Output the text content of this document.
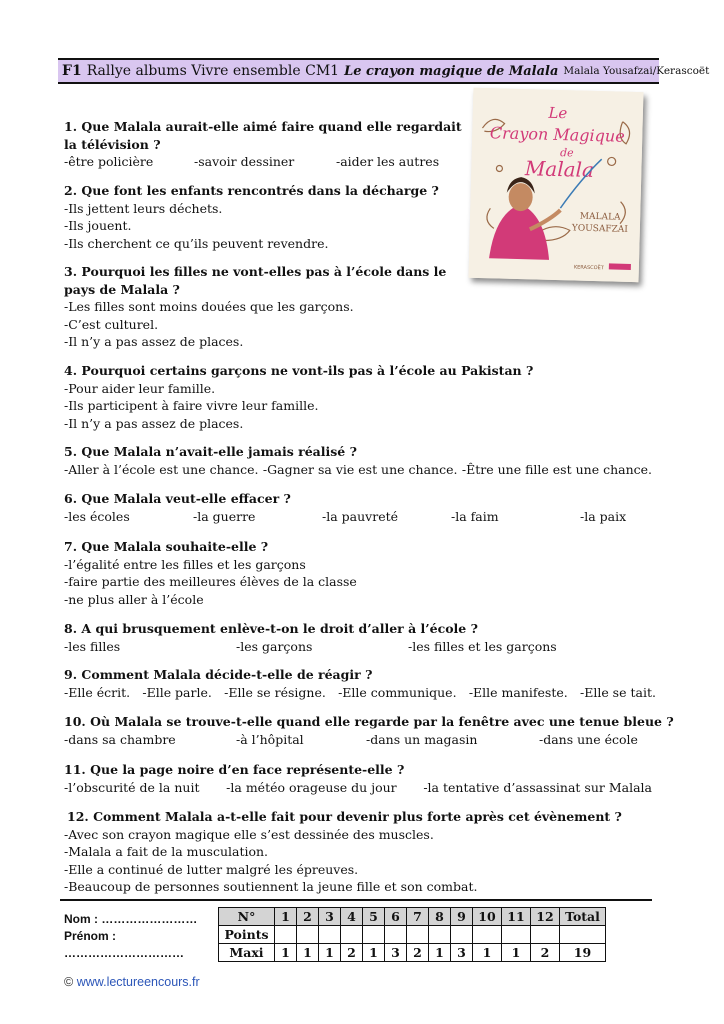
F1 Rallye albums Vivre ensemble CM1 Le crayon magique de Malala Malala Yousafzai/Kerascoët
Le
Crayon Magique
de
Malala
MALALA
YOUSAFZAI
KERASCOËT
1. Que Malala aurait-elle aimé faire quand elle regardait
la télévision ?
-être policière	-savoir dessiner	-aider les autres
2. Que font les enfants rencontrés dans la décharge ?
-Ils jettent leurs déchets.
-Ils jouent.
-Ils cherchent ce qu’ils peuvent revendre.
3. Pourquoi les filles ne vont-elles pas à l’école dans le
pays de Malala ?
-Les filles sont moins douées que les garçons.
-C’est culturel.
-Il n’y a pas assez de places.
4. Pourquoi certains garçons ne vont-ils pas à l’école au Pakistan ?
-Pour aider leur famille.
-Ils participent à faire vivre leur famille.
-Il n’y a pas assez de places.
5. Que Malala n’avait-elle jamais réalisé ?
-Aller à l’école est une chance. -Gagner sa vie est une chance. -Être une fille est une chance.
6. Que Malala veut-elle effacer ?
-les écoles	-la guerre	-la pauvreté	-la faim	-la paix
7. Que Malala souhaite-elle ?
-l’égalité entre les filles et les garçons
-faire partie des meilleures élèves de la classe
-ne plus aller à l’école
8. A qui brusquement enlève-t-on le droit d’aller à l’école ?
-les filles	-les garçons	-les filles et les garçons
9. Comment Malala décide-t-elle de réagir ?
-Elle écrit. -Elle parle. -Elle se résigne. -Elle communique. -Elle manifeste. -Elle se tait.
10. Où Malala se trouve-t-elle quand elle regarde par la fenêtre avec une tenue bleue ?
-dans sa chambre	-à l’hôpital	-dans un magasin	-dans une école
11. Que la page noire d’en face représente-elle ?
-l’obscurité de la nuit -la météo orageuse du jour -la tentative d’assassinat sur Malala
12. Comment Malala a-t-elle fait pour devenir plus forte après cet évènement ?
-Avec son crayon magique elle s’est dessinée des muscles.
-Malala a fait de la musculation.
-Elle a continué de lutter malgré les épreuves.
-Beaucoup de personnes soutiennent la jeune fille et son combat.
Nom : ……………………
Prénom :
…………………………
N°	1	2	3	4	5	6	7	8	9	10	11	12	Total
Points													
Maxi	1	1	1	2	1	3	2	1	3	1	1	2	19
© www.lectureencours.fr
